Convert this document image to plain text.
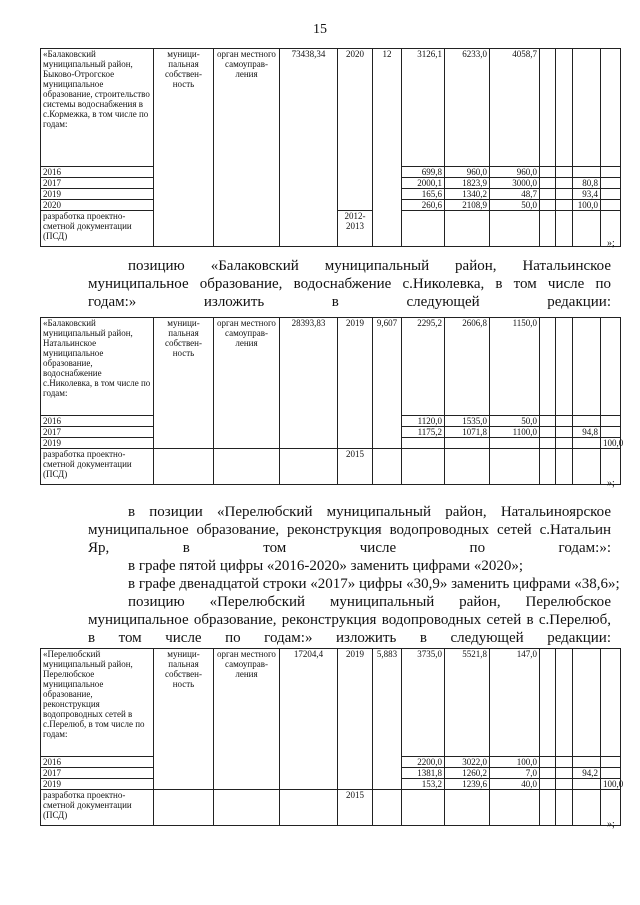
15
«Балаковский муниципальный район, Быково-Отрогское муниципальное образование, строительство системы водоснабжения в с.Кормежка, в том числе по годам:	муници-пальная собствен-ность	орган местного самоуправ-ления	73438,34	2020	12	3126,1	6233,0	4058,7				
2016						699,8	960,0	960,0				
2017						2000,1	1823,9	3000,0			80,8	
2019						165,6	1340,2	48,7			93,4	
2020						260,6	2108,9	50,0			100,0	
разработка проектно-сметной документации (ПСД)				2012-2013								
»;
позицию «Балаковский муниципальный район, Натальинское муниципальное образование, водоснабжение с.Николевка, в том числе по годам:» изложить в следующей редакции:
«Балаковский муниципальный район, Натальинское муниципальное образование, водоснабжение с.Николевка, в том числе по годам:	муници-пальная собствен-ность	орган местного самоуправ-ления	28393,83	2019	9,607	2295,2	2606,8	1150,0				
2016						1120,0	1535,0	50,0				
2017						1175,2	1071,8	1100,0			94,8	
2019												100,0
разработка проектно-сметной документации (ПСД)				2015								
»;
в позиции «Перелюбский муниципальный район, Натальиноярское муниципальное образование, реконструкция водопроводных сетей с.Натальин Яр, в том числе по годам:»:
в графе пятой цифры «2016-2020» заменить цифрами «2020»;
в графе двенадцатой строки «2017» цифры «30,9» заменить цифрами «38,6»;
позицию «Перелюбский муниципальный район, Перелюбское муниципальное образование, реконструкция водопроводных сетей в с.Перелюб, в том числе по годам:» изложить в следующей редакции:
«Перелюбский муниципальный район, Перелюбское муниципальное образование, реконструкция водопроводных сетей в с.Перелюб, в том числе по годам:	муници-пальная собствен-ность	орган местного самоуправ-ления	17204,4	2019	5,883	3735,0	5521,8	147,0				
2016						2200,0	3022,0	100,0				
2017						1381,8	1260,2	7,0			94,2	
2019						153,2	1239,6	40,0				100,0
разработка проектно-сметной документации (ПСД)				2015								
»;
